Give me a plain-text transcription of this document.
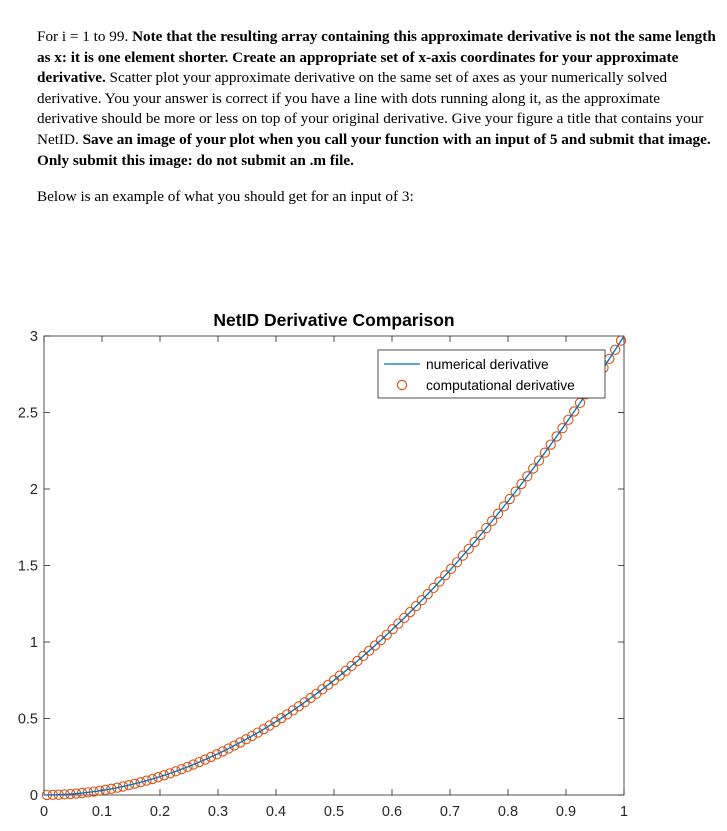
For i = 1 to 99. Note that the resulting array containing this approximate derivative is not the same length as x: it is one element shorter. Create an appropriate set of x-axis coordinates for your approximate derivative. Scatter plot your approximate derivative on the same set of axes as your numerically solved derivative. You your answer is correct if you have a line with dots running along it, as the approximate derivative should be more or less on top of your original derivative. Give your figure a title that contains your NetID. Save an image of your plot when you call your function with an input of 5 and submit that image. Only submit this image: do not submit an .m file.

Below is an example of what you should get for an input of 3:

0	0.1	0.2	0.3	0.4	0.5	0.6	0.7	0.8	0.9	1
0
0.5
1
1.5
2
2.5
3
NetID Derivative Comparison
numerical derivative
computational derivative
